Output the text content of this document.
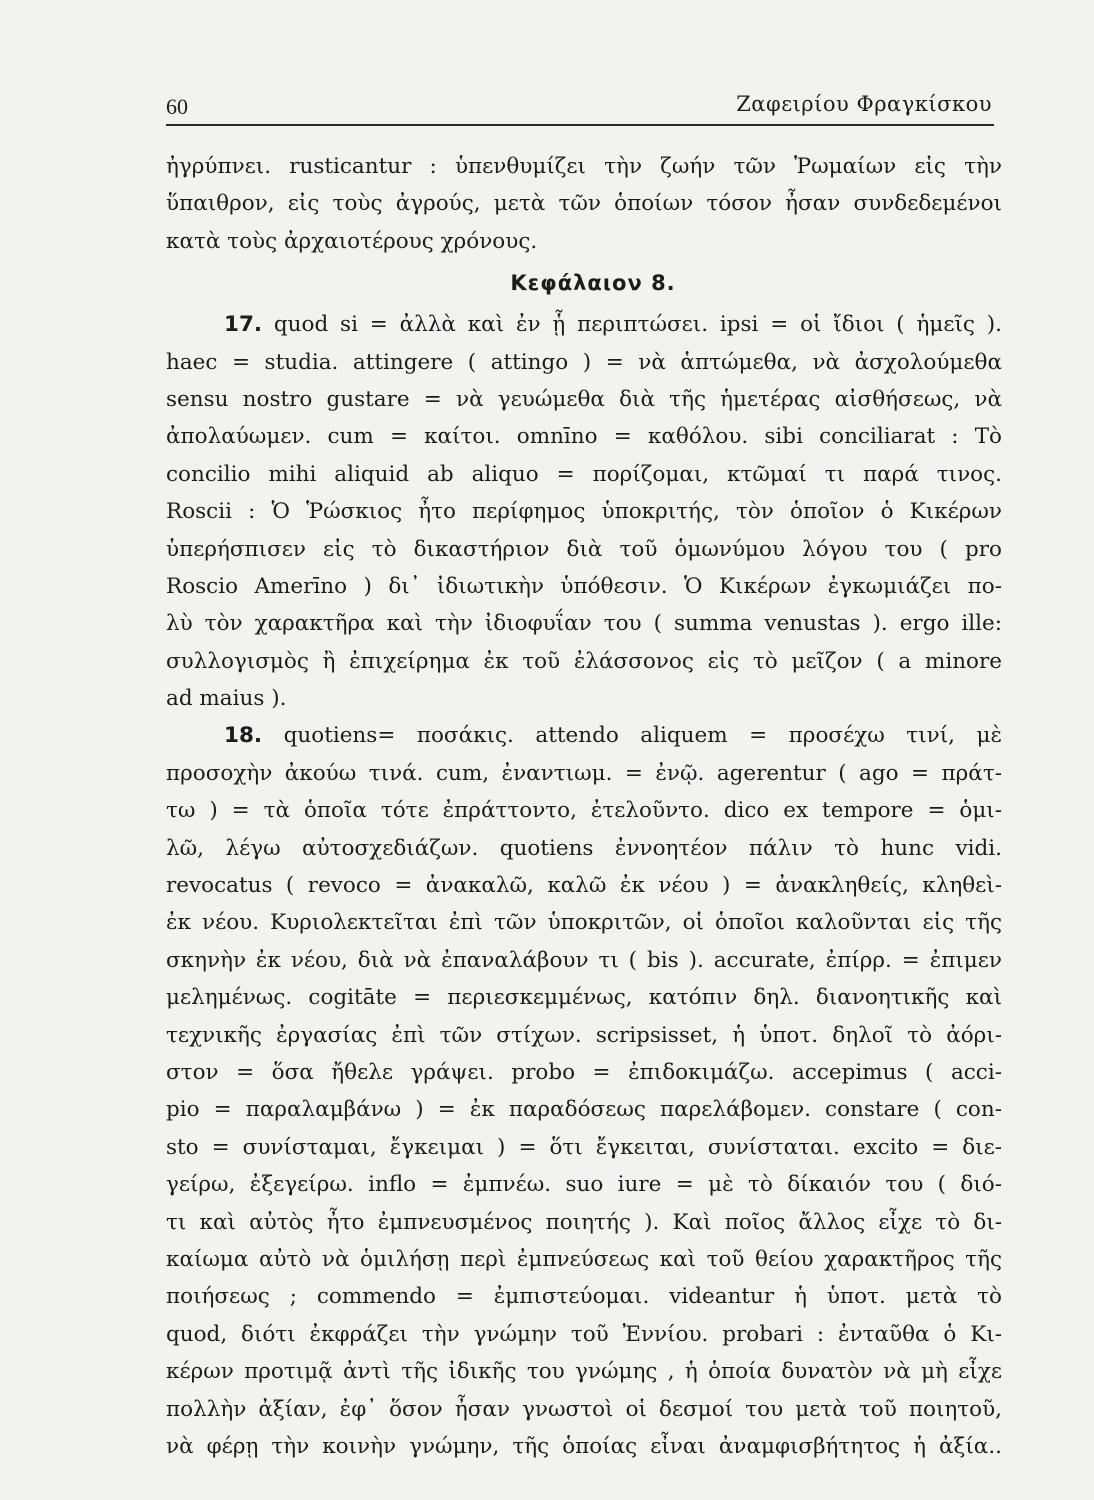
60	Ζαφειρίου Φραγκίσκου
ἠγρύπνει. rusticantur : ὑπενθυμίζει τὴν ζωήν τῶν Ῥωμαίων εἰς τὴν
ὕπαιθρον, εἰς τοὺς ἀγρούς, μετὰ τῶν ὁποίων τόσον ἦσαν συνδεδεμένοι
κατὰ τοὺς ἀρχαιοτέρους χρόνους.
Κεφάλαιον 8.
17. quod si = ἀλλὰ καὶ ἐν ᾗ περιπτώσει. ipsi = οἱ ἴδιοι ( ἡμεῖς ).
haec = studia. attingere ( attingo ) = νὰ ἁπτώμεθα, νὰ ἀσχολούμεθα
sensu nostro gustare = νὰ γευώμεθα διὰ τῆς ἡμετέρας αἰσθήσεως, νὰ
ἀπολαύωμεν. cum = καίτοι. omnīno = καθόλου. sibi conciliarat : Τὸ
concilio mihi aliquid ab aliquo = πορίζομαι, κτῶμαί τι παρά τινος.
Roscii : Ὁ Ῥώσκιος ἦτο περίφημος ὑποκριτής, τὸν ὁποῖον ὁ Κικέρων
ὑπερήσπισεν εἰς τὸ δικαστήριον διὰ τοῦ ὁμωνύμου λόγου του ( pro
Roscio Amerīno ) δι᾽ ἰδιωτικὴν ὑπόθεσιν. Ὁ Κικέρων ἐγκωμιάζει πο-
λὺ τὸν χαρακτῆρα καὶ τὴν ἰδιοφυΐαν του ( summa venustas ). ergo ille:
συλλογισμὸς ἢ ἐπιχείρημα ἐκ τοῦ ἐλάσσονος εἰς τὸ μεῖζον ( a minore
ad maius ).
18. quotiens= ποσάκις. attendo aliquem = προσέχω τινί, μὲ
προσοχὴν ἀκούω τινά. cum, ἐναντιωμ. = ἐνῷ. agerentur ( ago = πράτ-
τω ) = τὰ ὁποῖα τότε ἐπράττοντο, ἐτελοῦντο. dico ex tempore = ὁμι-
λῶ, λέγω αὐτοσχεδιάζων. quotiens ἐννοητέον πάλιν τὸ hunc vidi.
revocatus ( revoco = ἀνακαλῶ, καλῶ ἐκ νέου ) = ἀνακληθείς, κληθεὶ-
ἐκ νέου. Κυριολεκτεῖται ἐπὶ τῶν ὑποκριτῶν, οἱ ὁποῖοι καλοῦνται εἰς τῆς
σκηνὴν ἐκ νέου, διὰ νὰ ἐπαναλάβουν τι ( bis ). accurate, ἐπίρρ. = ἐπιμεν
μελημένως. cogitāte = περιεσκεμμένως, κατόπιν δηλ. διανοητικῆς καὶ
τεχνικῆς ἐργασίας ἐπὶ τῶν στίχων. scripsisset, ἡ ὑποτ. δηλοῖ τὸ ἀόρι-
στον = ὅσα ἤθελε γράψει. probo = ἐπιδοκιμάζω. accepimus ( acci-
pio = παραλαμβάνω ) = ἐκ παραδόσεως παρελάβομεν. constare ( con-
sto = συνίσταμαι, ἔγκειμαι ) = ὅτι ἔγκειται, συνίσταται. excito = διε-
γείρω, ἐξεγείρω. inflo = ἐμπνέω. suo iure = μὲ τὸ δίκαιόν του ( διό-
τι καὶ αὐτὸς ἦτο ἐμπνευσμένος ποιητής ). Καὶ ποῖος ἄλλος εἶχε τὸ δι-
καίωμα αὐτὸ νὰ ὁμιλήσῃ περὶ ἐμπνεύσεως καὶ τοῦ θείου χαρακτῆρος τῆς
ποιήσεως ; commendo = ἐμπιστεύομαι. videantur ἡ ὑποτ. μετὰ τὸ
quod, διότι ἐκφράζει τὴν γνώμην τοῦ Ἐννίου. probari : ἐνταῦθα ὁ Κι-
κέρων προτιμᾷ ἀντὶ τῆς ἰδικῆς του γνώμης , ἡ ὁποία δυνατὸν νὰ μὴ εἶχε
πολλὴν ἀξίαν, ἐφ᾽ ὅσον ἦσαν γνωστοὶ οἱ δεσμοί του μετὰ τοῦ ποιητοῦ,
νὰ φέρῃ τὴν κοινὴν γνώμην, τῆς ὁποίας εἶναι ἀναμφισβήτητος ἡ ἀξία..
